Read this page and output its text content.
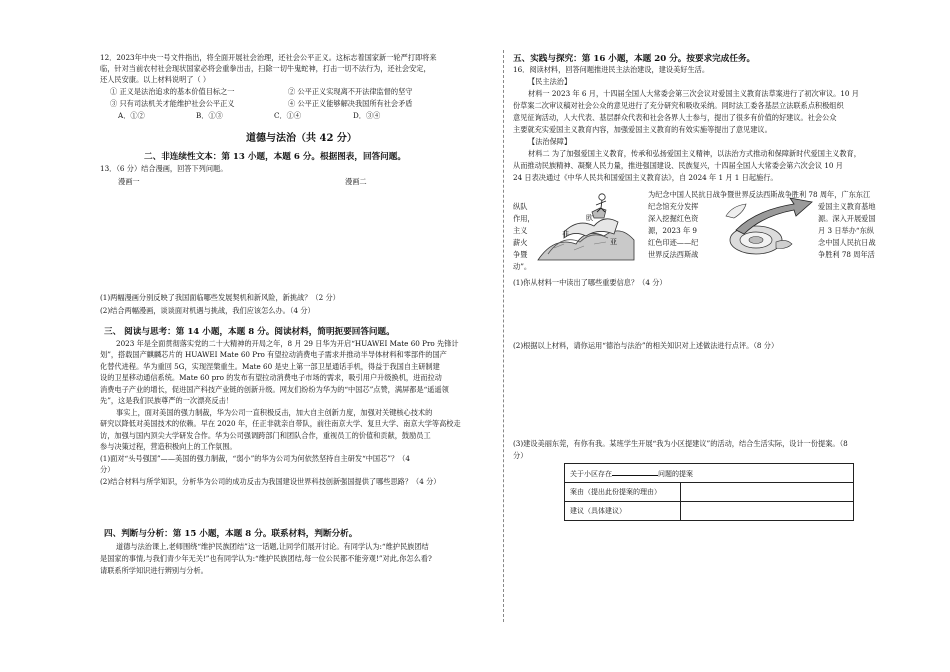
12．2023年中央一号文件指出，将全面开展社会治理，还社会公平正义。这标志着国家新一轮严打即将来
临，针对当前农村社会现状国家必将会重拳出击，扫除一切牛鬼蛇神，打击一切不法行为，还社会安定，
还人民安康。以上材料说明了（ ）
① 正义是法治追求的基本价值目标之一	② 公平正义实现离不开法律监督的坚守
③ 只有司法机关才能维护社会公平正义	④ 公平正义能够解决我国所有社会矛盾
A．①②	B．①③	C．①④	D．③④
道德与法治（共 42 分）
二、非连续性文本：第 13 小题，本题 6 分。根据图表，回答问题。
13．（6 分）结合漫画，回答下列问题。
漫画一	漫画二
(1)两幅漫画分别反映了我国面临哪些发展契机和新风险，新挑战？（2 分）
(2)结合两幅漫画，谈谈面对机遇与挑战，我们应该怎么办。（4 分）
三、 阅读与思考：第 14 小题，本题 8 分。阅读材料，简明扼要回答问题。
2023 年是全面贯彻落实党的二十大精神的开局之年，8 月 29 日华为开启“HUAWEI Mate 60 Pro 先锋计
划”，搭载国产麒麟芯片的 HUAWEI Mate 60 Pro 有望拉动消费电子需求并推动半导体材料和零部件的国产
化替代进程。华为重回 5G，实现涅槃重生。Mate 60 是史上第一部卫星通话手机，得益于我国自主研制建
设的卫星移动通信系统。Mate 60 pro 的发布有望拉动消费电子市场的需求，吸引用户升级换机，进而拉动
消费电子产业的增长，促进国产科技产业链的创新升级。网友们纷纷为华为的“中国芯”点赞，满屏都是“遥遥领
先”，这是我们民族尊严的一次漂亮反击！
事实上，面对美国的强力制裁，华为公司一直积极反击，加大自主创新力度，加强对关键核心技术的
研究以降低对美国技术的依赖。早在 2020 年，任正非就亲自带队，前往南京大学、复旦大学、南京大学等高校走
访，加强与国内顶尖大学研发合作。华为公司强调跨部门和团队合作，重视员工的价值和贡献，鼓励员工
参与决策过程，营造积极向上的工作氛围。
(1)面对“头号强国”——美国的强力制裁，“弱小”的华为公司为何依然坚持自主研发“中国芯”？（4
分）
(2)结合材料与所学知识，分析华为公司的成功反击为我国建设世界科技创新强国提供了哪些思路？（4 分）
四、判断与分析：第 15 小题，本题 8 分。联系材料，判断分析。
道德与法治课上,老师围绕“维护民族团结”这一话题,让同学们展开讨论。有同学认为:“维护民族团结
是国家的事情,与我们青少年无关!”也有同学认为:“维护民族团结,每一位公民都不能旁观!”对此,你怎么看?
请联系所学知识进行辨别与分析。
五、实践与探究：第 16 小题，本题 20 分。按要求完成任务。
16．阅读材料，回答问题推进民主法治建设，建设美好生活。
【民主法治】
材料一 2023 年 6 月，十四届全国人大常委会第三次会议对爱国主义教育法草案进行了初次审议。10 月
份草案二次审议稿对社会公众的意见进行了充分研究和吸收采纳。同时法工委各基层立法联系点积极组织
意见征询活动，人大代表、基层群众代表和社会各界人士参与，提出了很多有价值的好建议。社会公众
主要就充实爱国主义教育内容，加强爱国主义教育的有效实施等提出了意见建议。
【法治保障】
材料二 为了加强爱国主义教育，传承和弘扬爱国主义精神，以法治方式推动和保障新时代爱国主义教育，
从而推动民族精神、凝聚人民力量，推进强国建设、民族复兴，十四届全国人大常委会第六次会议 10 月
24 日表决通过《中华人民共和国爱国主义教育法》，自 2024 年 1 月 1 日起施行。
为纪念中国人民抗日战争暨世界反法西斯战争胜利 78 周年，广东东江
纪念馆充分发挥
深入挖掘红色资
源，2023 年 9
红色印迹——纪
世界反法西斯战
纵队
作用，
主义
薪火
争暨
动”。
爱国主义教育基地
源。深入开展爱国
月 3 日举办“东纵
念中国人民抗日战
争胜利 78 周年活
非
欧
亚
(1)你从材料一中读出了哪些重要信息？（4 分）
(2)根据以上材料，请你运用“德治与法治”的相关知识对上述做法进行点评。（8 分）
(3)建设美丽东莞，有你有我。某班学生开展“我为小区提建议”的活动，结合生活实际，设计一份提案。（8
分）
关于小区存在 问题的提案	
案由（提出此份提案的理由）	
建议（具体建议）	
